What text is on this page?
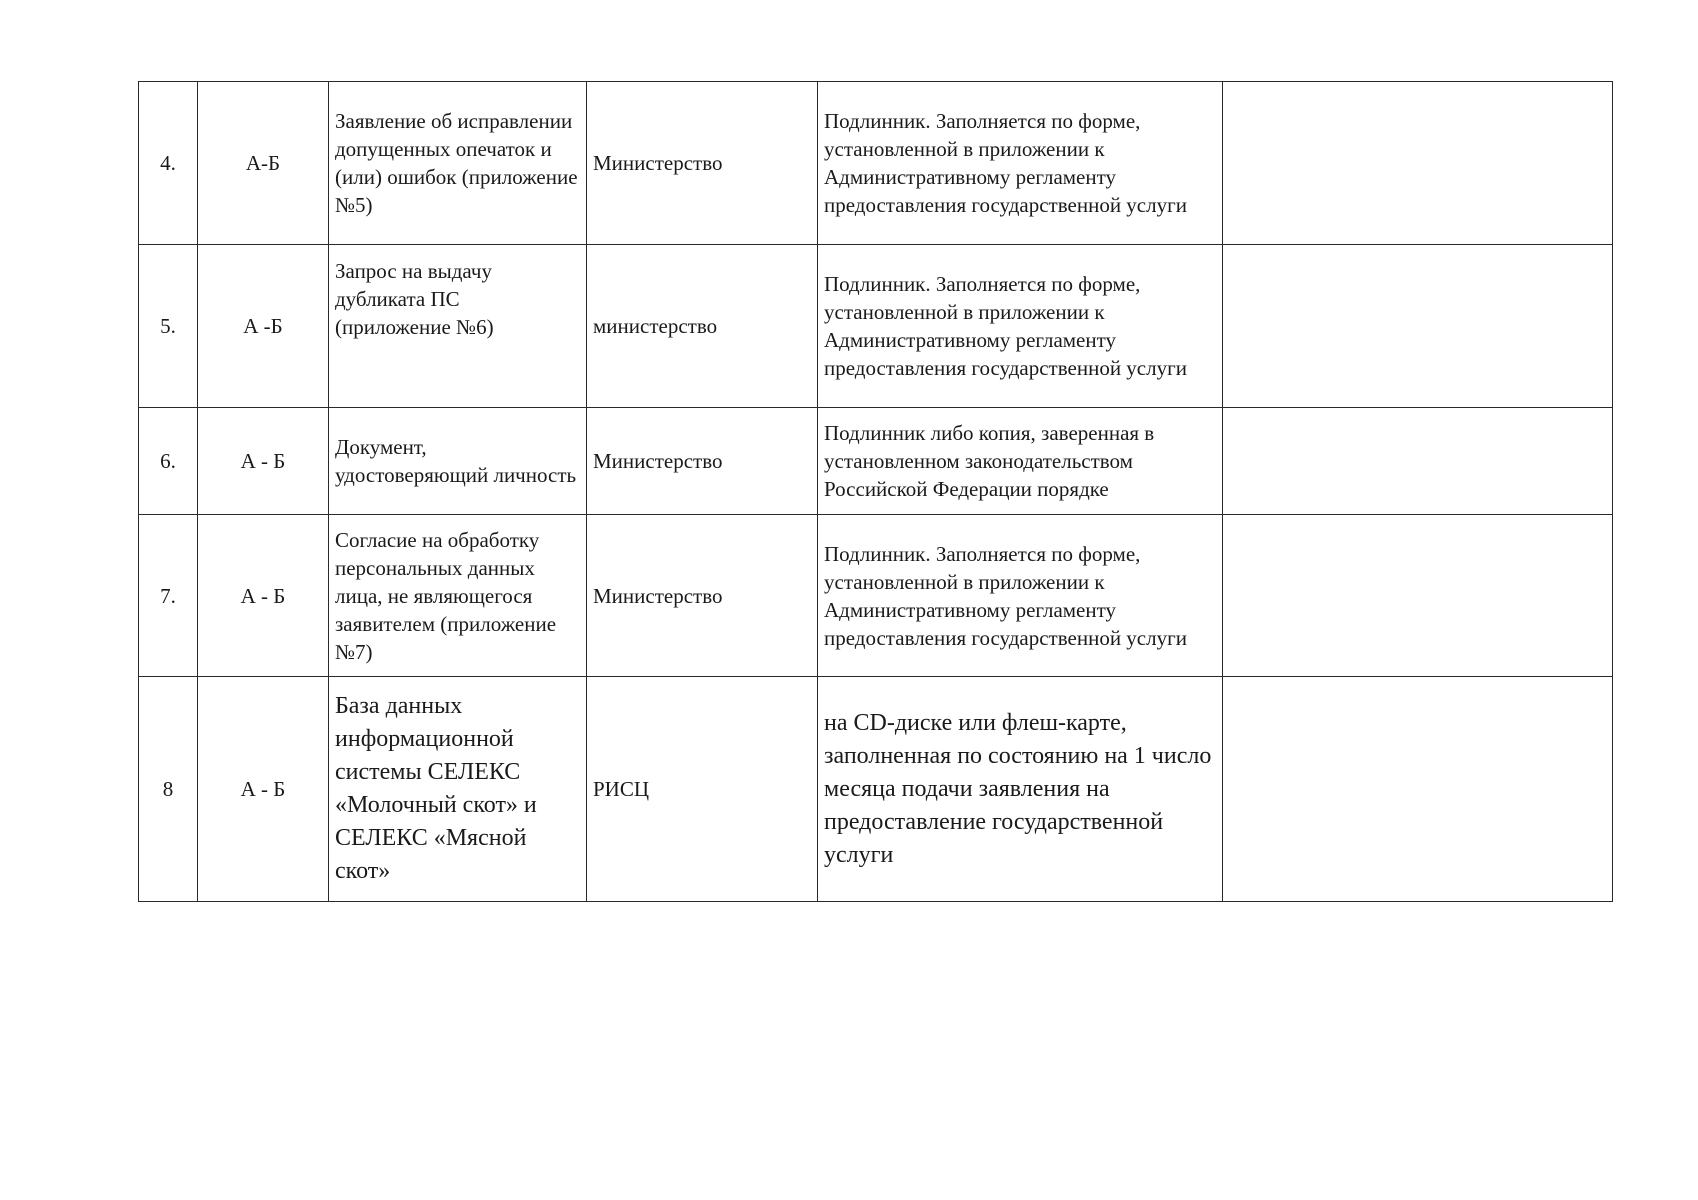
4.	А-Б	Заявление об исправлении допущенных опечаток и (или) ошибок (приложение №5)	Министерство	Подлинник. Заполняется по форме, установленной в приложении к Административному регламенту предоставления государственной услуги	
5.	А -Б	Запрос на выдачу дубликата ПС (приложение №6)	министерство	Подлинник. Заполняется по форме, установленной в приложении к Административному регламенту предоставления государственной услуги	
6.	А - Б	Документ, удостоверяющий личность	Министерство	Подлинник либо копия, заверенная в установленном законодательством Российской Федерации порядке	
7.	А - Б	Согласие на обработку персональных данных лица, не являющегося заявителем (приложение №7)	Министерство	Подлинник. Заполняется по форме, установленной в приложении к Административному регламенту предоставления государственной услуги	
8	А - Б	База данных информационной системы СЕЛЕКС «Молочный скот» и СЕЛЕКС «Мясной скот»	РИСЦ	на CD-диске или флеш-карте, заполненная по состоянию на 1 число месяца подачи заявления на предоставление государственной услуги	
